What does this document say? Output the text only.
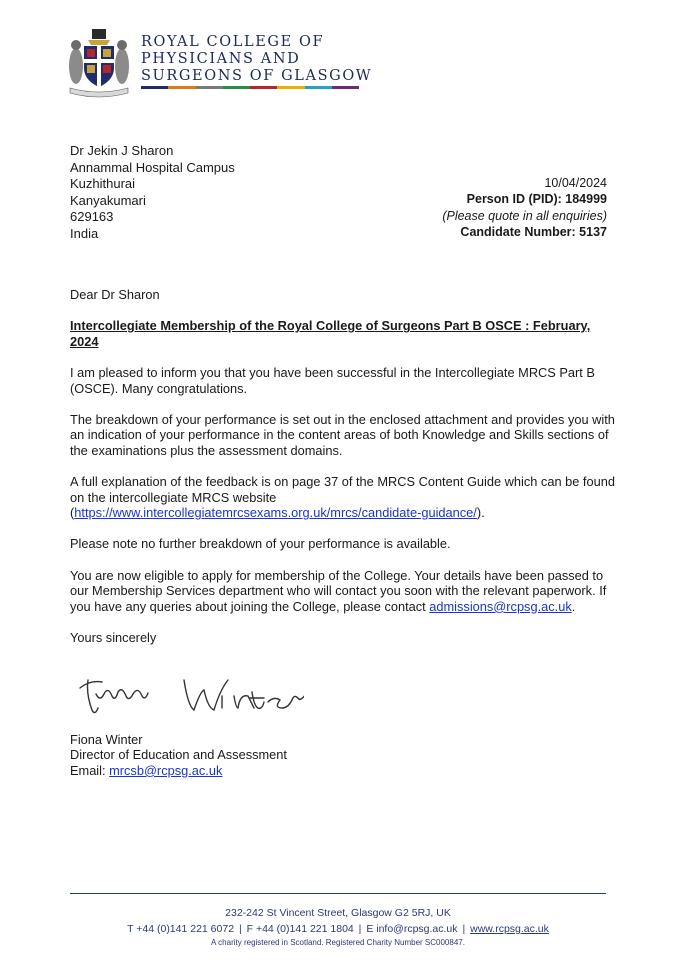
ROYAL COLLEGE OF
PHYSICIANS AND
SURGEONS OF GLASGOW
Dr Jekin J Sharon
Annammal Hospital Campus
Kuzhithurai
Kanyakumari
629163
India
10/04/2024
Person ID (PID): 184999
(Please quote in all enquiries)
Candidate Number: 5137

Dear Dr Sharon

Intercollegiate Membership of the Royal College of Surgeons Part B OSCE : February, 2024

I am pleased to inform you that you have been successful in the Intercollegiate MRCS Part B (OSCE). Many congratulations.

The breakdown of your performance is set out in the enclosed attachment and provides you with an indication of your performance in the content areas of both Knowledge and Skills sections of the examinations plus the assessment domains.

A full explanation of the feedback is on page 37 of the MRCS Content Guide which can be found on the intercollegiate MRCS website
(https://www.intercollegiatemrcsexams.org.uk/mrcs/candidate-guidance/).

Please note no further breakdown of your performance is available.

You are now eligible to apply for membership of the College. Your details have been passed to our Membership Services department who will contact you soon with the relevant paperwork. If you have any queries about joining the College, please contact admissions@rcpsg.ac.uk.

Yours sincerely

Fiona Winter
Director of Education and Assessment
Email: mrcsb@rcpsg.ac.uk
232-242 St Vincent Street, Glasgow G2 5RJ, UK
T +44 (0)141 221 6072 | F +44 (0)141 221 1804 | E info@rcpsg.ac.uk | www.rcpsg.ac.uk
A charity registered in Scotland. Registered Charity Number SC000847.
